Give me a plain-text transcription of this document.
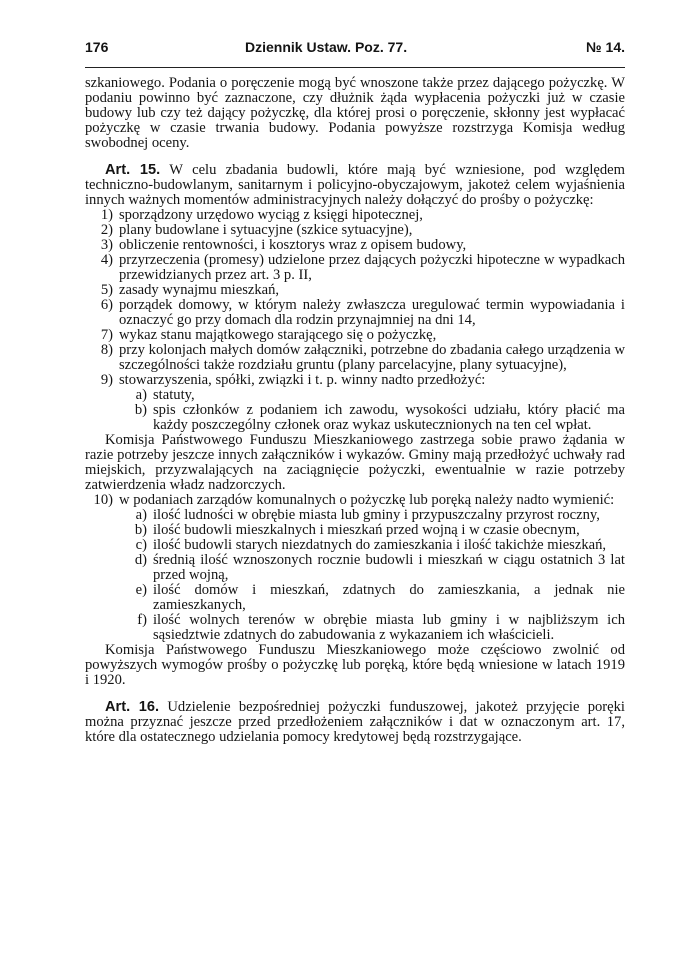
176	Dziennik Ustaw. Poz. 77.	№ 14.

szkaniowego. Podania o poręczenie mogą być wnoszone także przez dającego pożyczkę. W podaniu powinno być zaznaczone, czy dłużnik żąda wypłacenia pożyczki już w czasie budowy lub czy też dający pożyczkę, dla której prosi o poręczenie, skłonny jest wypłacać pożyczkę w czasie trwania budowy. Podania powyższe rozstrzyga Komisja według swobodnej oceny.

Art. 15. W celu zbadania budowli, które mają być wzniesione, pod względem techniczno-budowlanym, sanitarnym i policyjno-obyczajowym, jakoteż celem wyjaśnienia innych ważnych momentów administracyjnych należy dołączyć do prośby o pożyczkę:

1) sporządzony urzędowo wyciąg z księgi hipotecznej,
2) plany budowlane i sytuacyjne (szkice sytuacyjne),
3) obliczenie rentowności, i kosztorys wraz z opisem budowy,
4) przyrzeczenia (promesy) udzielone przez dających pożyczki hipoteczne w wypadkach przewidzianych przez art. 3 p. II,
5) zasady wynajmu mieszkań,
6) porządek domowy, w którym należy zwłaszcza uregulować termin wypowiadania i oznaczyć go przy domach dla rodzin przynajmniej na dni 14,
7) wykaz stanu majątkowego starającego się o pożyczkę,
8) przy kolonjach małych domów załączniki, potrzebne do zbadania całego urządzenia w szczególności także rozdziału gruntu (plany parcelacyjne, plany sytuacyjne),
9) stowarzyszenia, spółki, związki i t. p. winny nadto przedłożyć:
a) statuty,
b) spis członków z podaniem ich zawodu, wysokości udziału, który płacić ma każdy poszczególny członek oraz wykaz uskutecznionych na ten cel wpłat.

Komisja Państwowego Funduszu Mieszkaniowego zastrzega sobie prawo żądania w razie potrzeby jeszcze innych załączników i wykazów. Gminy mają przedłożyć uchwały rad miejskich, przyzwalających na zaciągnięcie pożyczki, ewentualnie w razie potrzeby zatwierdzenia władz nadzorczych.

10) w podaniach zarządów komunalnych o pożyczkę lub poręką należy nadto wymienić:
a) ilość ludności w obrębie miasta lub gminy i przypuszczalny przyrost roczny,
b) ilość budowli mieszkalnych i mieszkań przed wojną i w czasie obecnym,
c) ilość budowli starych niezdatnych do zamieszkania i ilość takichże mieszkań,
d) średnią ilość wznoszonych rocznie budowli i mieszkań w ciągu ostatnich 3 lat przed wojną,
e) ilość domów i mieszkań, zdatnych do zamieszkania, a jednak nie zamieszkanych,
f) ilość wolnych terenów w obrębie miasta lub gminy i w najbliższym ich sąsiedztwie zdatnych do zabudowania z wykazaniem ich właścicieli.

Komisja Państwowego Funduszu Mieszkaniowego może częściowo zwolnić od powyższych wymogów prośby o pożyczkę lub poręką, które będą wniesione w latach 1919 i 1920.

Art. 16. Udzielenie bezpośredniej pożyczki funduszowej, jakoteż przyjęcie poręki można przyznać jeszcze przed przedłożeniem załączników i dat w oznaczonym art. 17, które dla ostatecznego udzielania pomocy kredytowej będą rozstrzygające.
